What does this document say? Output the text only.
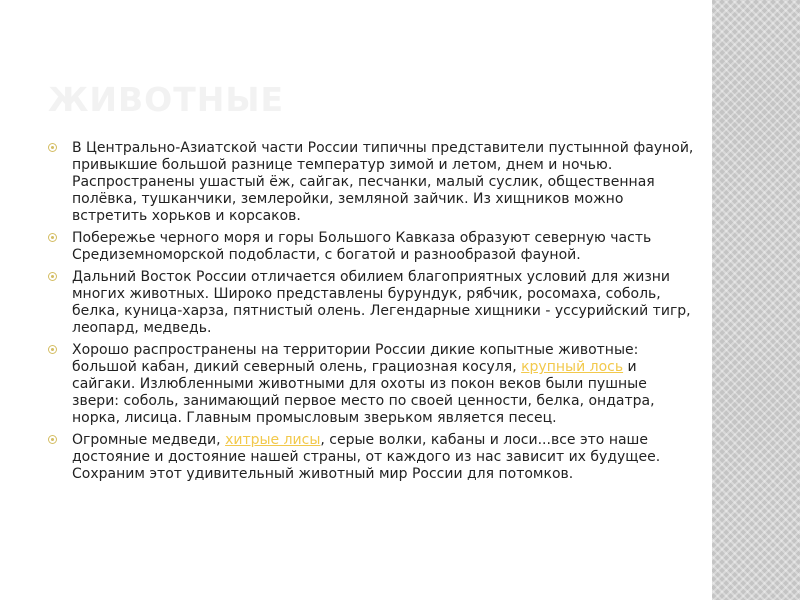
ЖИВОТНЫЕ
В Центрально-Азиатской части России типичны представители пустынной фауной, привыкшие большой разнице температур зимой и летом, днем и ночью. Распространены ушастый ёж, сайгак, песчанки, малый суслик, общественная полёвка, тушканчики, землеройки, земляной зайчик. Из хищников можно встретить хорьков и корсаков.
Побережье черного моря и горы Большого Кавказа образуют северную часть Средиземноморской подобласти, с богатой и разнообразой фауной.
Дальний Восток России отличается обилием благоприятных условий для жизни многих животных. Широко представлены бурундук, рябчик, росомаха, соболь, белка, куница-харза, пятнистый олень. Легендарные хищники - уссурийский тигр, леопард, медведь.
Хорошо распространены на территории России дикие копытные животные: большой кабан, дикий северный олень, грациозная косуля, крупный лось и сайгаки. Излюбленными животными для охоты из покон веков были пушные звери: соболь, занимающий первое место по своей ценности, белка, ондатра, норка, лисица. Главным промысловым зверьком является песец.
Огромные медведи, хитрые лисы, серые волки, кабаны и лоси...все это наше достояние и достояние нашей страны, от каждого из нас зависит их будущее. Сохраним этот удивительный животный мир России для потомков.
